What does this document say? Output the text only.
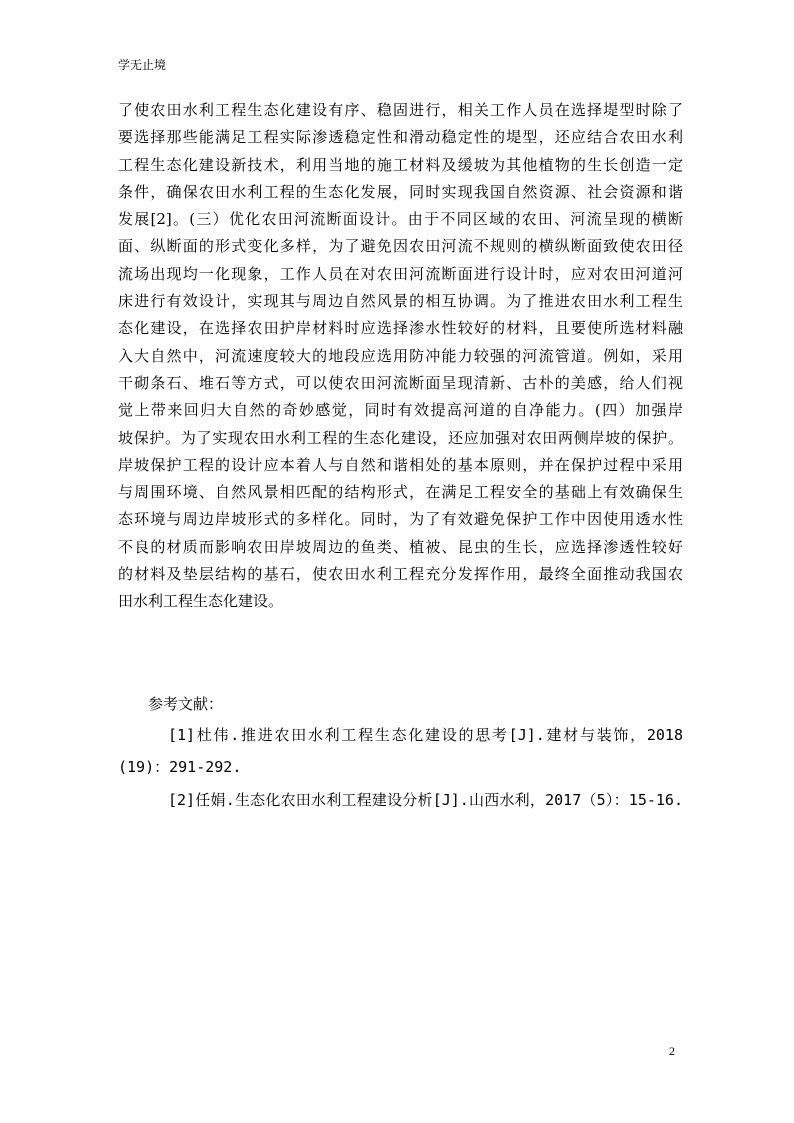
学无止境
了使农田水利工程生态化建设有序、稳固进行，相关工作人员在选择堤型时除了
要选择那些能满足工程实际渗透稳定性和滑动稳定性的堤型，还应结合农田水利
工程生态化建设新技术，利用当地的施工材料及缓坡为其他植物的生长创造一定
条件，确保农田水利工程的生态化发展，同时实现我国自然资源、社会资源和谐
发展[2]。(三）优化农田河流断面设计。由于不同区域的农田、河流呈现的横断
面、纵断面的形式变化多样，为了避免因农田河流不规则的横纵断面致使农田径
流场出现均一化现象，工作人员在对农田河流断面进行设计时，应对农田河道河
床进行有效设计，实现其与周边自然风景的相互协调。为了推进农田水利工程生
态化建设，在选择农田护岸材料时应选择渗水性较好的材料，且要使所选材料融
入大自然中，河流速度较大的地段应选用防冲能力较强的河流管道。例如，采用
干砌条石、堆石等方式，可以使农田河流断面呈现清新、古朴的美感，给人们视
觉上带来回归大自然的奇妙感觉，同时有效提高河道的自净能力。(四）加强岸
坡保护。为了实现农田水利工程的生态化建设，还应加强对农田两侧岸坡的保护。
岸坡保护工程的设计应本着人与自然和谐相处的基本原则，并在保护过程中采用
与周围环境、自然风景相匹配的结构形式，在满足工程安全的基础上有效确保生
态环境与周边岸坡形式的多样化。同时，为了有效避免保护工作中因使用透水性
不良的材质而影响农田岸坡周边的鱼类、植被、昆虫的生长，应选择渗透性较好
的材料及垫层结构的基石，使农田水利工程充分发挥作用，最终全面推动我国农
田水利工程生态化建设。
参考文献：
[1]杜伟.推进农田水利工程生态化建设的思考[J].建材与装饰，2018
(19)：291-292.
[2]任娟.生态化农田水利工程建设分析[J].山西水利，2017（5）：15-16.
2
